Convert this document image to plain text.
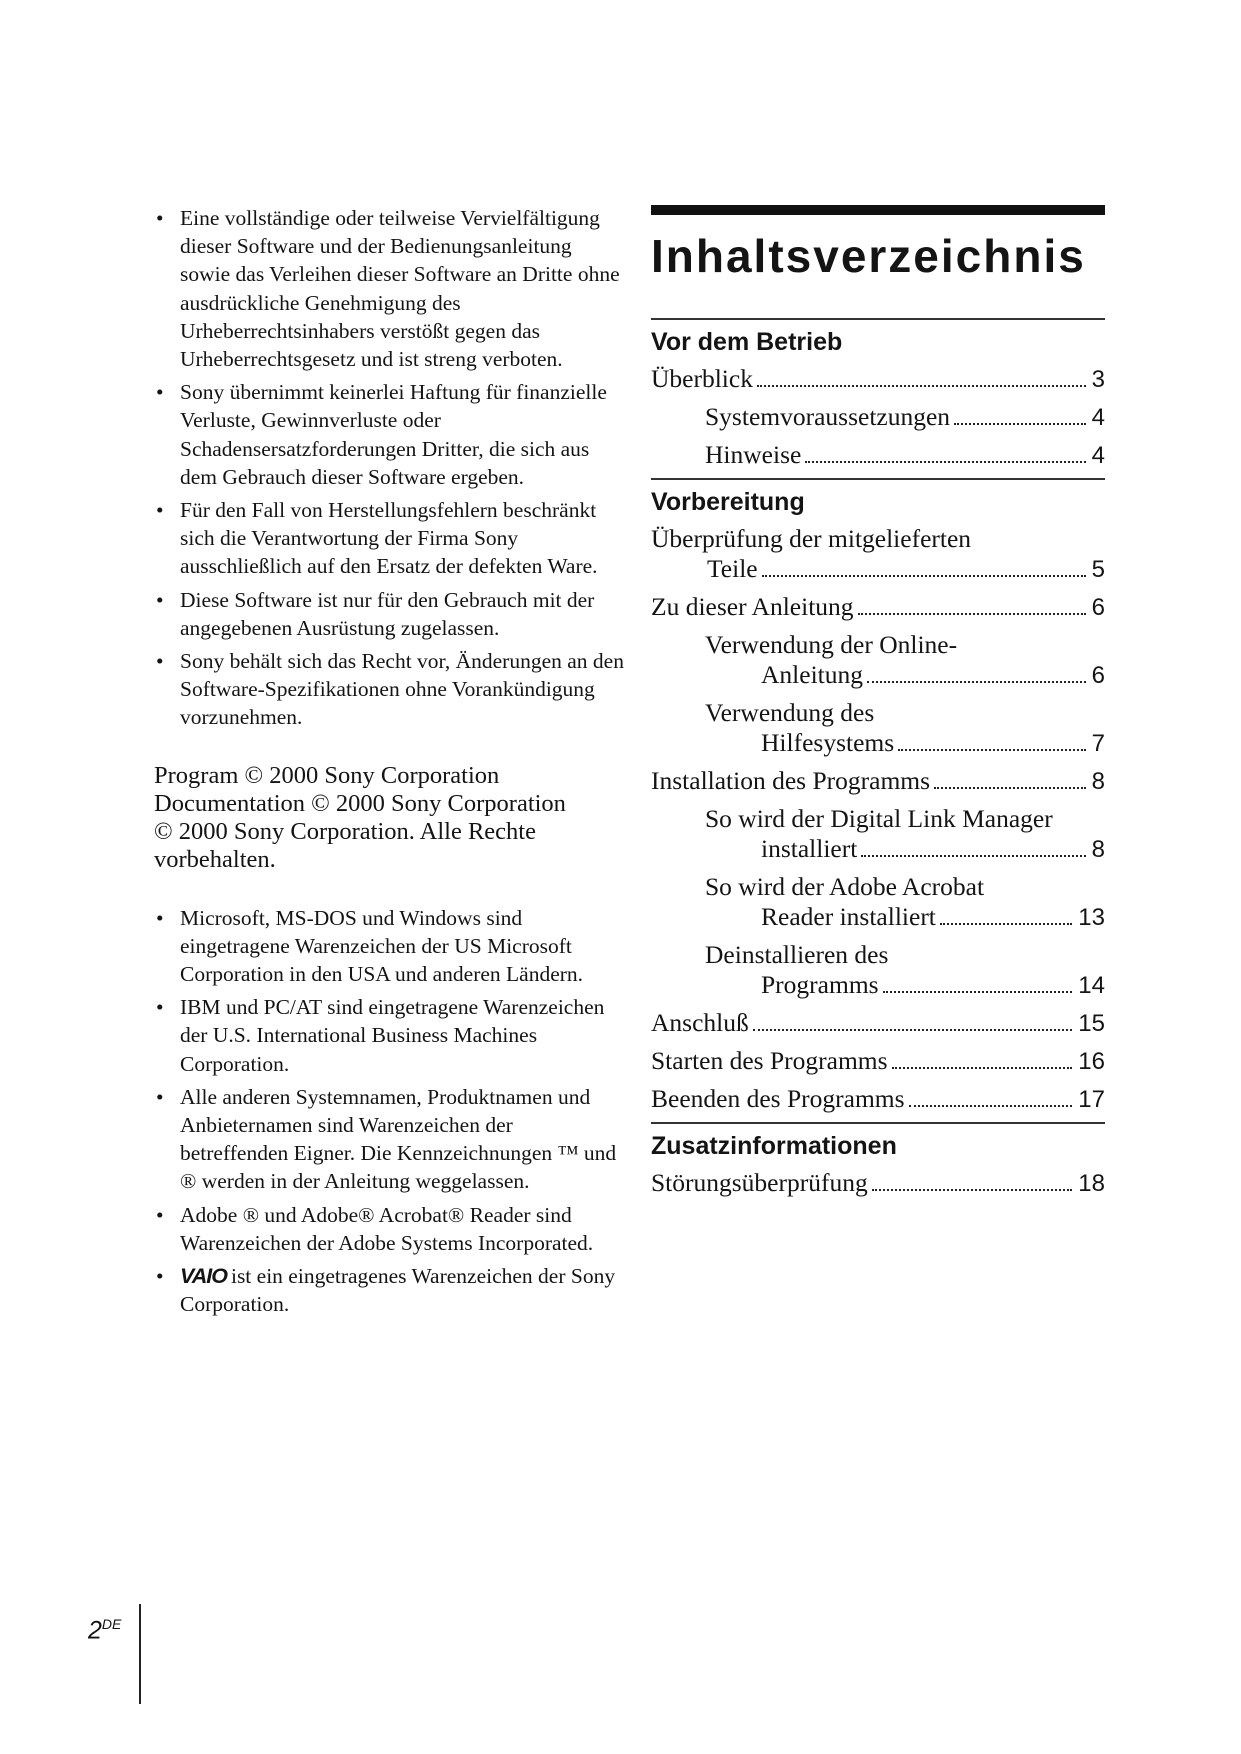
• Eine vollständige oder teilweise Vervielfältigung dieser Software und der Bedienungsanleitung sowie das Verleihen dieser Software an Dritte ohne ausdrückliche Genehmigung des Urheberrechtsinhabers verstößt gegen das Urheberrechtsgesetz und ist streng verboten.
• Sony übernimmt keinerlei Haftung für finanzielle Verluste, Gewinnverluste oder Schadensersatzforderungen Dritter, die sich aus dem Gebrauch dieser Software ergeben.
• Für den Fall von Herstellungsfehlern beschränkt sich die Verantwortung der Firma Sony ausschließlich auf den Ersatz der defekten Ware.
• Diese Software ist nur für den Gebrauch mit der angegebenen Ausrüstung zugelassen.
• Sony behält sich das Recht vor, Änderungen an den Software-Spezifikationen ohne Vorankündigung vorzunehmen.
Program © 2000 Sony Corporation
Documentation © 2000 Sony Corporation
© 2000 Sony Corporation. Alle Rechte vorbehalten.
• Microsoft, MS-DOS und Windows sind eingetragene Warenzeichen der US Microsoft Corporation in den USA und anderen Ländern.
• IBM und PC/AT sind eingetragene Warenzeichen der U.S. International Business Machines Corporation.
• Alle anderen Systemnamen, Produktnamen und Anbieternamen sind Warenzeichen der betreffenden Eigner. Die Kennzeichnungen ™ und ® werden in der Anleitung weggelassen.
• Adobe ® und Adobe® Acrobat® Reader sind Warenzeichen der Adobe Systems Incorporated.
• VAIO ist ein eingetragenes Warenzeichen der Sony Corporation.
2DE
Inhaltsverzeichnis
Vor dem Betrieb
Überblick	3
Systemvoraussetzungen	4
Hinweise	4
Vorbereitung
Überprüfung der mitgelieferten
Teile	5
Zu dieser Anleitung	6
Verwendung der Online-
Anleitung	6
Verwendung des
Hilfesystems	7
Installation des Programms	8
So wird der Digital Link Manager
installiert	8
So wird der Adobe Acrobat
Reader installiert	13
Deinstallieren des
Programms	14
Anschluß	15
Starten des Programms	16
Beenden des Programms	17
Zusatzinformationen
Störungsüberprüfung	18
